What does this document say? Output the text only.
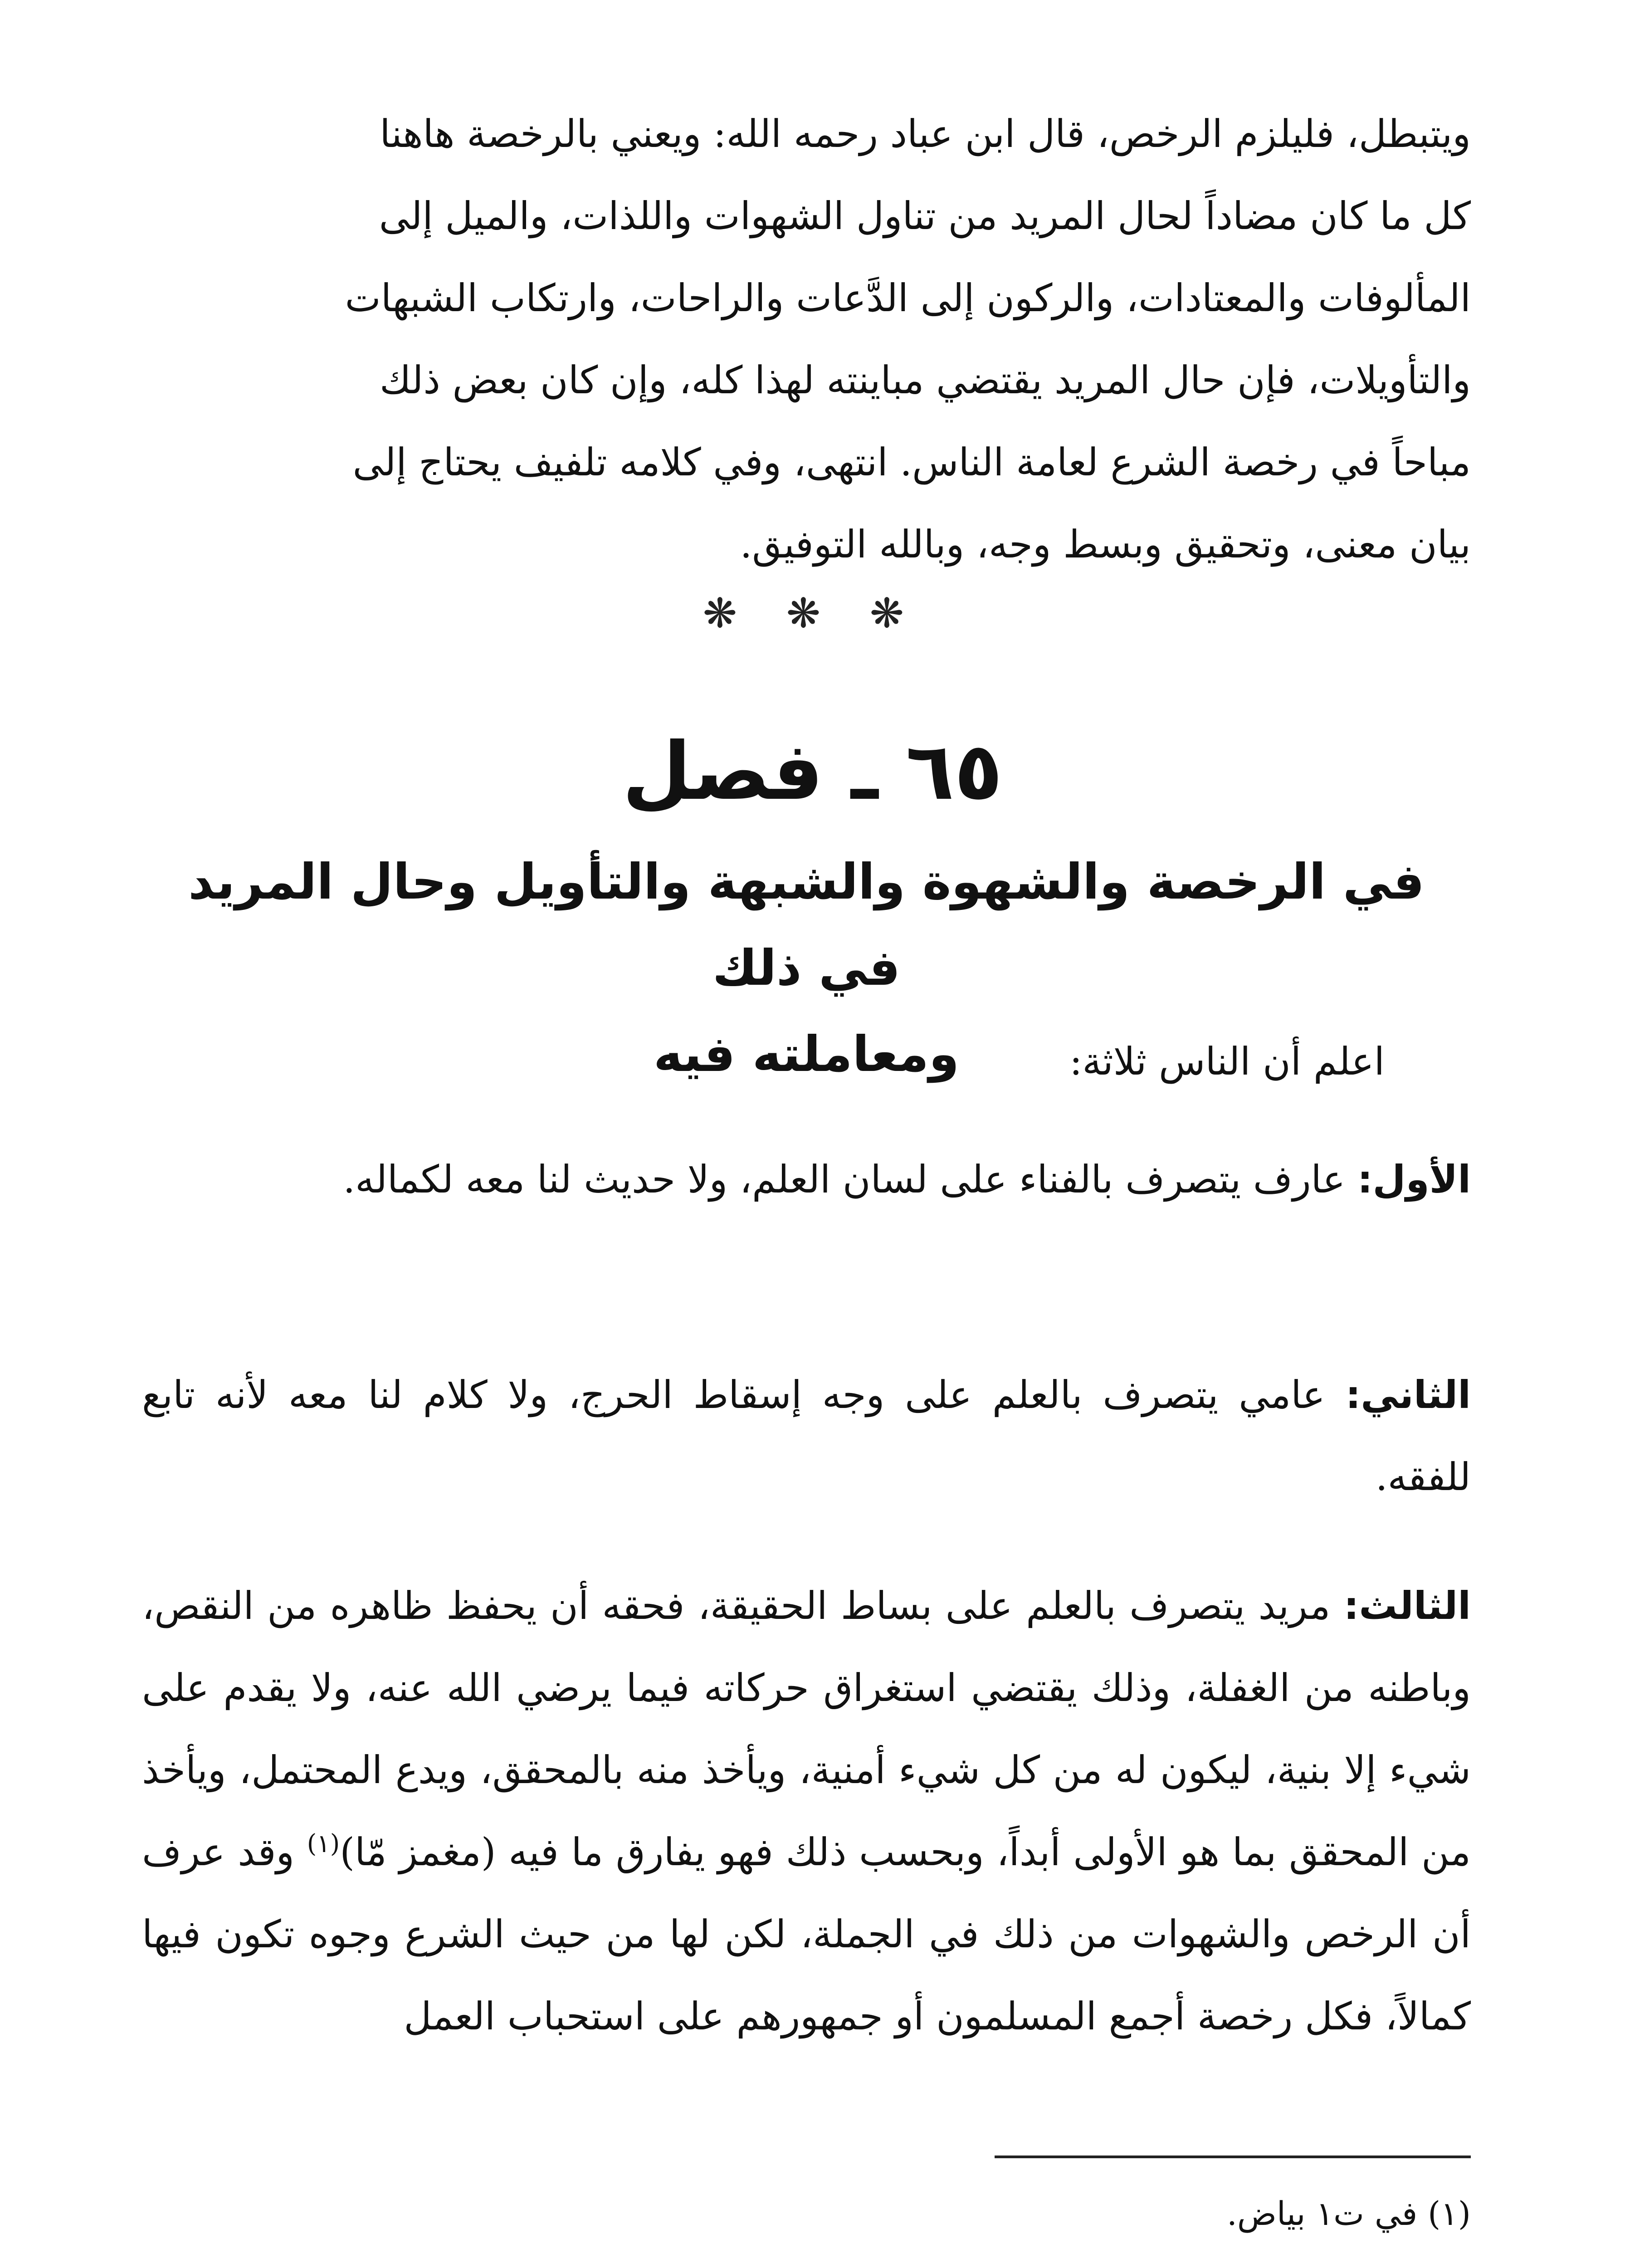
ويتبطل، فليلزم الرخص، قال ابن عباد رحمه الله: ويعني بالرخصة هاهنا
كل ما كان مضاداً لحال المريد من تناول الشهوات واللذات، والميل إلى
المألوفات والمعتادات، والركون إلى الدَّعات والراحات، وارتكاب الشبهات
والتأويلات، فإن حال المريد يقتضي مباينته لهذا كله، وإن كان بعض ذلك
مباحاً في رخصة الشرع لعامة الناس. انتهى، وفي كلامه تلفيف يحتاج إلى
بيان معنى، وتحقيق وبسط وجه، وبالله التوفيق.
❋ ❋ ❋
٦٥ ـ فصل
في الرخصة والشهوة والشبهة والتأويل وحال المريد في ذلك
ومعاملته فيه	اعلم أن الناس ثلاثة:
الأول: عارف يتصرف بالفناء على لسان العلم، ولا حديث لنا معه لكماله.
الثاني: عامي يتصرف بالعلم على وجه إسقاط الحرج، ولا كلام لنا معه لأنه تابع للفقه.
الثالث: مريد يتصرف بالعلم على بساط الحقيقة، فحقه أن يحفظ ظاهره من النقص، وباطنه من الغفلة، وذلك يقتضي استغراق حركاته فيما يرضي الله عنه، ولا يقدم على شيء إلا بنية، ليكون له من كل شيء أمنية، ويأخذ منه بالمحقق، ويدع المحتمل، ويأخذ من المحقق بما هو الأولى أبداً، وبحسب ذلك فهو يفارق ما فيه (مغمز مّا)$^{(١)}$ وقد عرف أن الرخص والشهوات من ذلك في الجملة، لكن لها من حيث الشرع وجوه تكون فيها كمالاً، فكل رخصة أجمع المسلمون أو جمهورهم على استحباب العمل
(١) في ت١ بياض.
